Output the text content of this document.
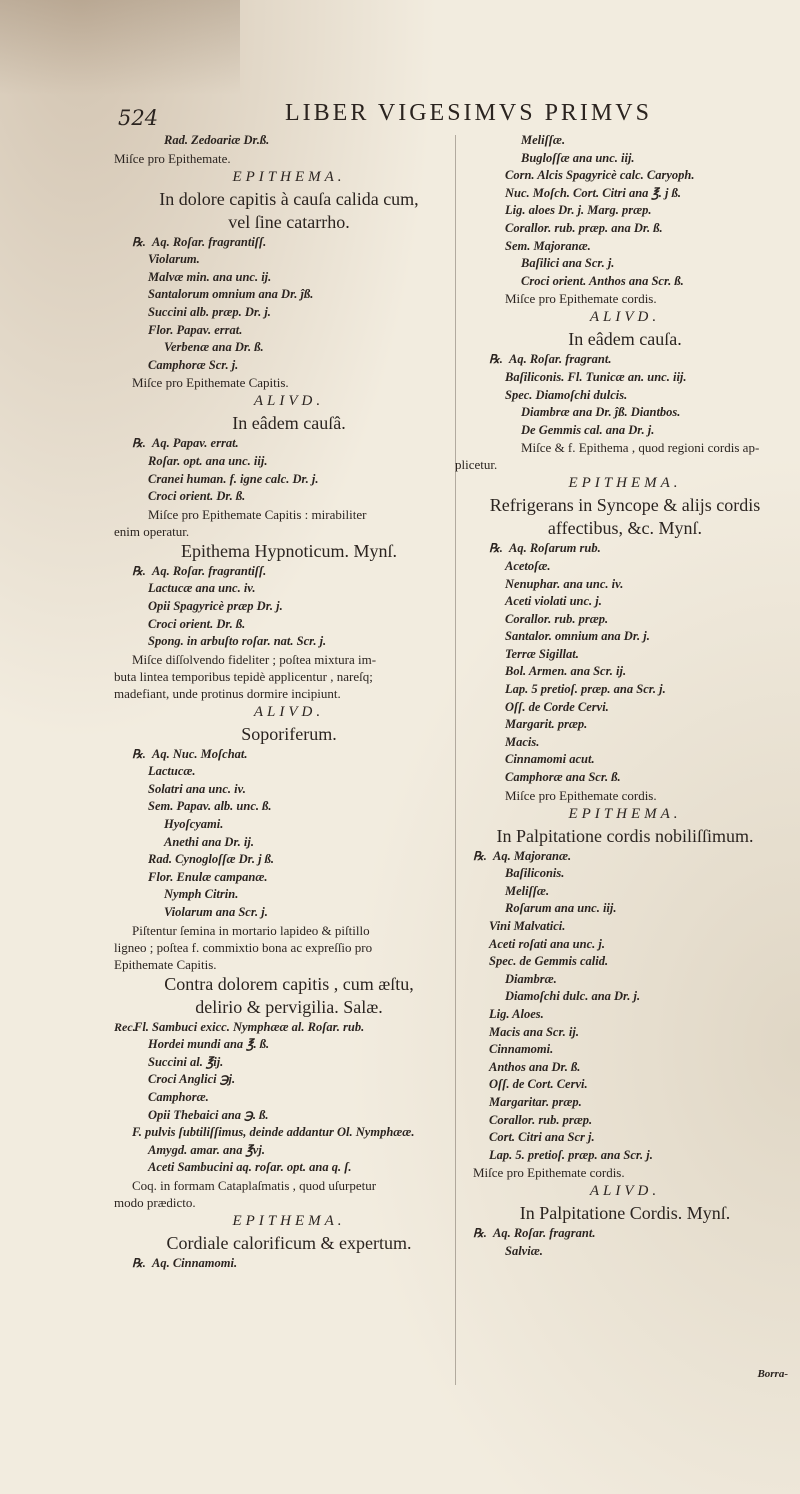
524	LIBER VIGESIMVS PRIMVS
Rad. Zedoariæ Dr.ß.
Miſce pro Epithemate.
EPITHEMA.
In dolore capitis à cauſa calida cum,
vel ſine catarrho.
℞. Aq. Roſar. fragrantiſſ.
Violarum.
Malvæ min. ana unc. ij.
Santalorum omnium ana Dr. ĵß.
Succini alb. præp. Dr. j.
Flor. Papav. errat.
Verbenæ ana Dr. ß.
Camphoræ Scr. j.
Miſce pro Epithemate Capitis.
ALIVD.
In eâdem cauſâ.
℞. Aq. Papav. errat.
Roſar. opt. ana unc. iij.
Cranei human. f. igne calc. Dr. j.
Croci orient. Dr. ß.
Miſce pro Epithemate Capitis : mirabiliter
enim operatur.
Epithema Hypnoticum. Mynſ.
℞. Aq. Roſar. fragrantiſſ.
Lactucæ ana unc. iv.
Opii Spagyricè præp Dr. j.
Croci orient. Dr. ß.
Spong. in arbuſto roſar. nat. Scr. j.
Miſce diſſolvendo fideliter ; poſtea mixtura im-
buta lintea temporibus tepidè applicentur , nareſq;
madefiant, unde protinus dormire incipiunt.
ALIVD.
Soporiferum.
℞. Aq. Nuc. Moſchat.
Lactucæ.
Solatri ana unc. iv.
Sem. Papav. alb. unc. ß.
Hyoſcyami.
Anethi ana Dr. ij.
Rad. Cynogloſſæ Dr. j ß.
Flor. Enulæ campanæ.
Nymph Citrin.
Violarum ana Scr. j.
Piſtentur ſemina in mortario lapideo & piſtillo
ligneo ; poſtea f. commixtio bona ac expreſſio pro
Epithemate Capitis.
Contra dolorem capitis , cum æſtu,
delirio & pervigilia. Salæ.
Rec.Fl. Sambuci exicc. Nymphææ al. Roſar. rub.
Hordei mundi ana ℥. ß.
Succini al. ℥ij.
Croci Anglici ℈j.
Camphoræ.
Opii Thebaici ana ℈. ß.
F. pulvis ſubtiliſſimus, deinde addantur Ol. Nymphææ.
Amygd. amar. ana ℥vj.
Aceti Sambucini aq. roſar. opt. ana q. ſ.
Coq. in formam Cataplaſmatis , quod uſurpetur
modo prædicto.
EPITHEMA.
Cordiale calorificum & expertum.
℞. Aq. Cinnamomi.
Meliſſæ.
Bugloſſæ ana unc. iij.
Corn. Alcis Spagyricè calc. Caryoph.
Nuc. Moſch. Cort. Citri ana ℥. j ß.
Lig. aloes Dr. j. Marg. præp.
Corallor. rub. præp. ana Dr. ß.
Sem. Majoranæ.
Baſilici ana Scr. j.
Croci orient. Anthos ana Scr. ß.
Miſce pro Epithemate cordis.
ALIVD.
In eâdem cauſa.
℞. Aq. Roſar. fragrant.
Baſiliconis. Fl. Tunicæ an. unc. iij.
Spec. Diamoſchi dulcis.
Diambræ ana Dr. ĵß. Diantbos.
De Gemmis cal. ana Dr. j.
Miſce & f. Epithema , quod regioni cordis ap-
plicetur.
EPITHEMA.
Refrigerans in Syncope & alijs cordis
affectibus, &c. Mynſ.
℞. Aq. Roſarum rub.
Acetoſæ.
Nenuphar. ana unc. iv.
Aceti violati unc. j.
Corallor. rub. præp.
Santalor. omnium ana Dr. j.
Terræ Sigillat.
Bol. Armen. ana Scr. ij.
Lap. 5 pretioſ. præp. ana Scr. j.
Oſſ. de Corde Cervi.
Margarit. præp.
Macis.
Cinnamomi acut.
Camphoræ ana Scr. ß.
Miſce pro Epithemate cordis.
EPITHEMA.
In Palpitatione cordis nobiliſſimum.
℞. Aq. Majoranæ.
Baſiliconis.
Meliſſæ.
Roſarum ana unc. iij.
Vini Malvatici.
Aceti roſati ana unc. j.
Spec. de Gemmis calid.
Diambræ.
Diamoſchi dulc. ana Dr. j.
Lig. Aloes.
Macis ana Scr. ij.
Cinnamomi.
Anthos ana Dr. ß.
Oſſ. de Cort. Cervi.
Margaritar. præp.
Corallor. rub. præp.
Cort. Citri ana Scr j.
Lap. 5. pretioſ. præp. ana Scr. j.
Miſce pro Epithemate cordis.
ALIVD.
In Palpitatione Cordis. Mynſ.
℞. Aq. Roſar. fragrant.
Salviæ.
Borra-
